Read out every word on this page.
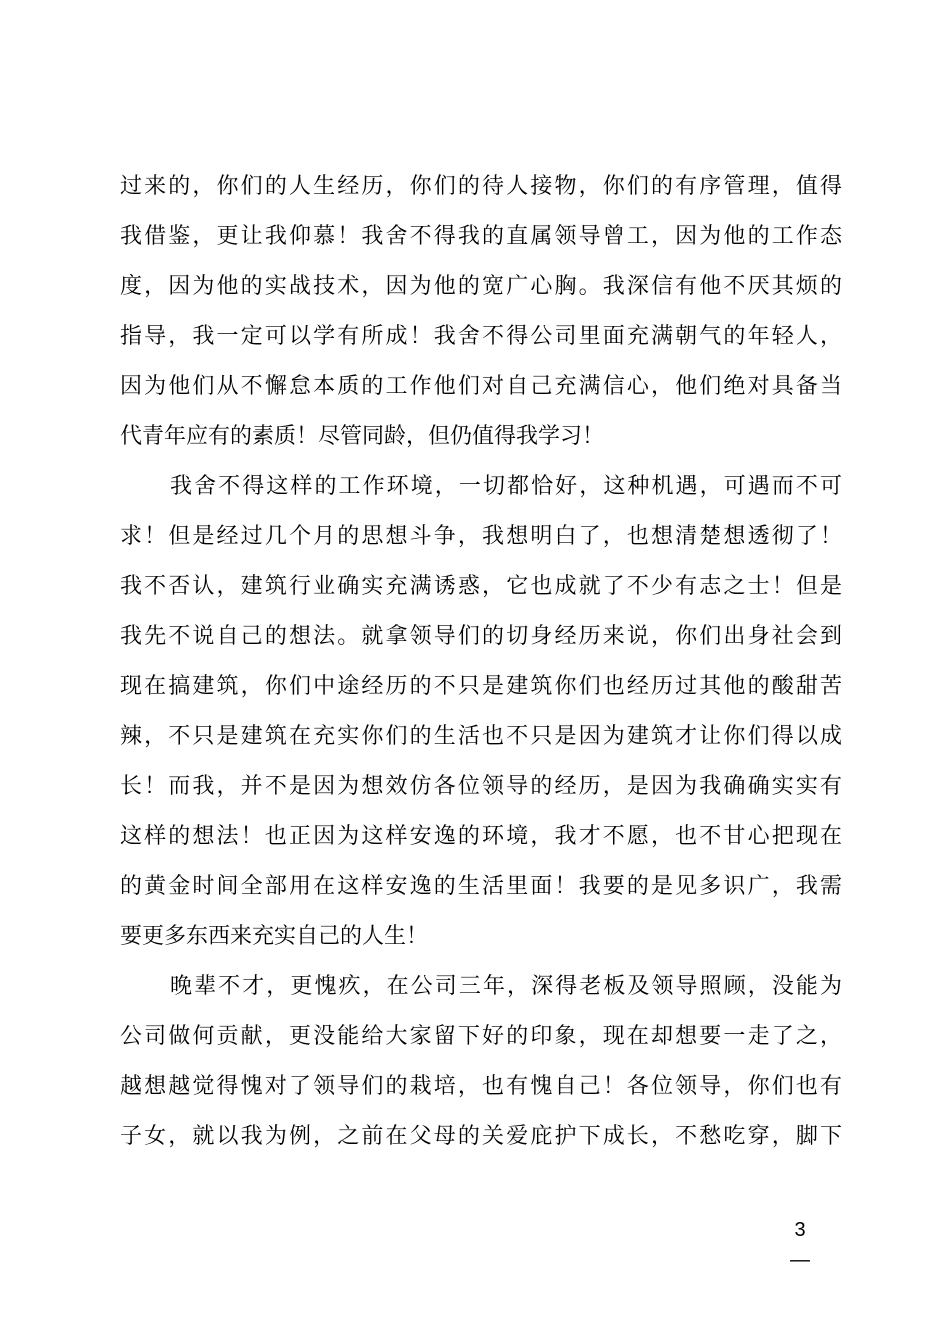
过来的，你们的人生经历，你们的待人接物，你们的有序管理，值得
我借鉴，更让我仰慕！我舍不得我的直属领导曾工，因为他的工作态
度，因为他的实战技术，因为他的宽广心胸。我深信有他不厌其烦的
指导，我一定可以学有所成！我舍不得公司里面充满朝气的年轻人，
因为他们从不懈怠本质的工作他们对自己充满信心，他们绝对具备当
代青年应有的素质！尽管同龄，但仍值得我学习！
我舍不得这样的工作环境，一切都恰好，这种机遇，可遇而不可
求！但是经过几个月的思想斗争，我想明白了，也想清楚想透彻了！
我不否认，建筑行业确实充满诱惑，它也成就了不少有志之士！但是
我先不说自己的想法。就拿领导们的切身经历来说，你们出身社会到
现在搞建筑，你们中途经历的不只是建筑你们也经历过其他的酸甜苦
辣，不只是建筑在充实你们的生活也不只是因为建筑才让你们得以成
长！而我，并不是因为想效仿各位领导的经历，是因为我确确实实有
这样的想法！也正因为这样安逸的环境，我才不愿，也不甘心把现在
的黄金时间全部用在这样安逸的生活里面！我要的是见多识广，我需
要更多东西来充实自己的人生！
晚辈不才，更愧疚，在公司三年，深得老板及领导照顾，没能为
公司做何贡献，更没能给大家留下好的印象，现在却想要一走了之，
越想越觉得愧对了领导们的栽培，也有愧自己！各位领导，你们也有
子女，就以我为例，之前在父母的关爱庇护下成长，不愁吃穿，脚下
3
—
